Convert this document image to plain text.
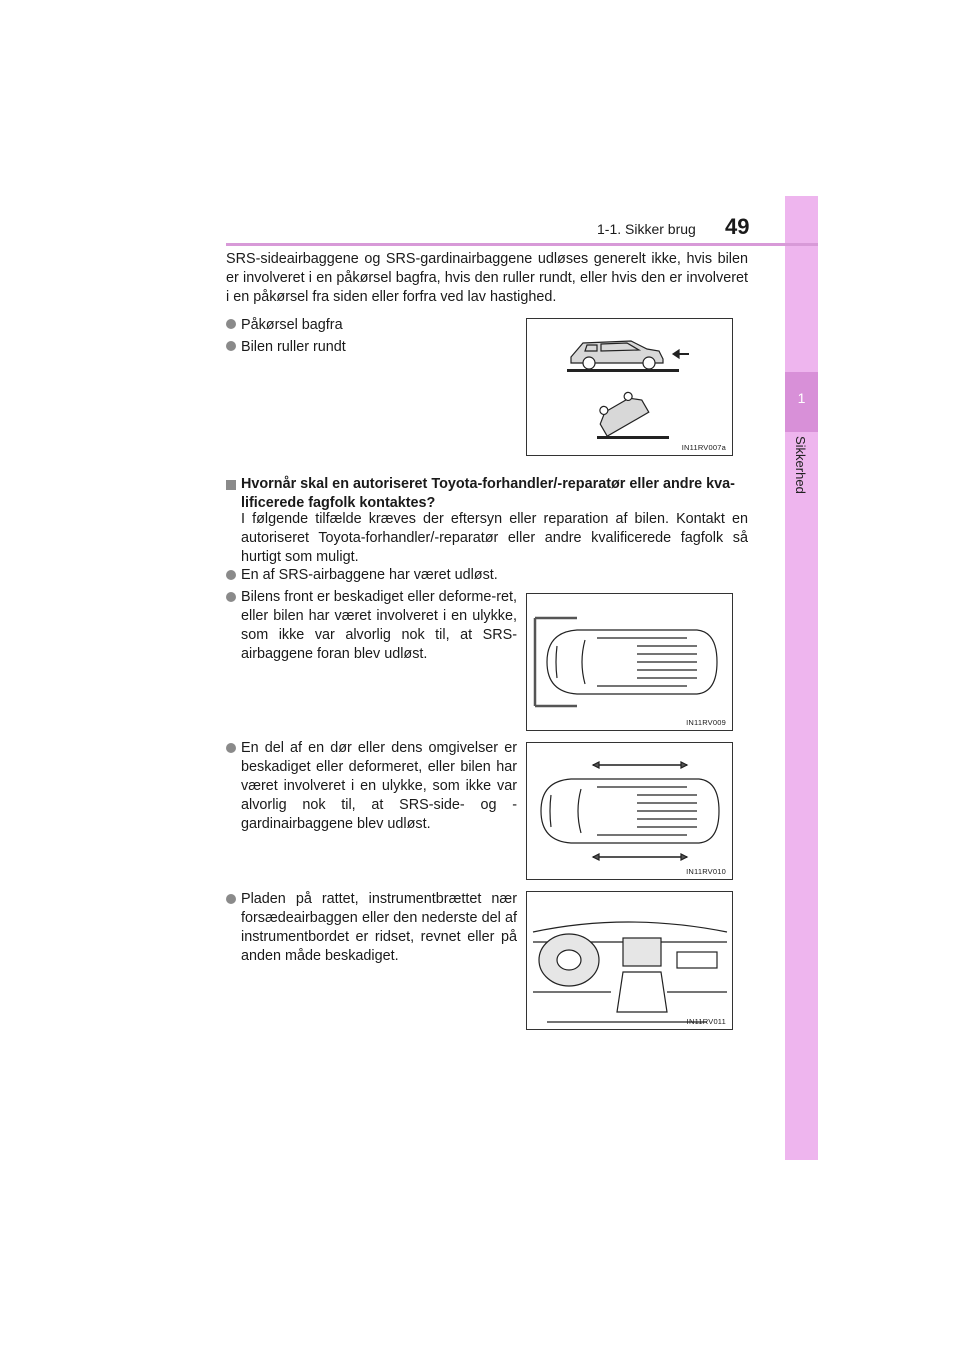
1
Sikkerhed
1-1. Sikker brug 49
SRS-sideairbaggene og SRS-gardinairbaggene udløses generelt ikke, hvis bilen er involveret i en påkørsel bagfra, hvis den ruller rundt, eller hvis den er involveret i en påkørsel fra siden eller forfra ved lav hastighed.
Påkørsel bagfra
Bilen ruller rundt
IN11RV007a
Hvornår skal en autoriseret Toyota-forhandler/-reparatør eller andre kva-lificerede fagfolk kontaktes?
I følgende tilfælde kræves der eftersyn eller reparation af bilen. Kontakt en autoriseret Toyota-forhandler/-reparatør eller andre kvalificerede fagfolk så hurtigt som muligt.
En af SRS-airbaggene har været udløst.
Bilens front er beskadiget eller deforme-ret, eller bilen har været involveret i en ulykke, som ikke var alvorlig nok til, at SRS-airbaggene foran blev udløst.
IN11RV009
En del af en dør eller dens omgivelser er beskadiget eller deformeret, eller bilen har været involveret i en ulykke, som ikke var alvorlig nok til, at SRS-side- og -gardinairbaggene blev udløst.
IN11RV010
Pladen på rattet, instrumentbrættet nær forsædeairbaggen eller den nederste del af instrumentbordet er ridset, revnet eller på anden måde beskadiget.
IN11RV011
